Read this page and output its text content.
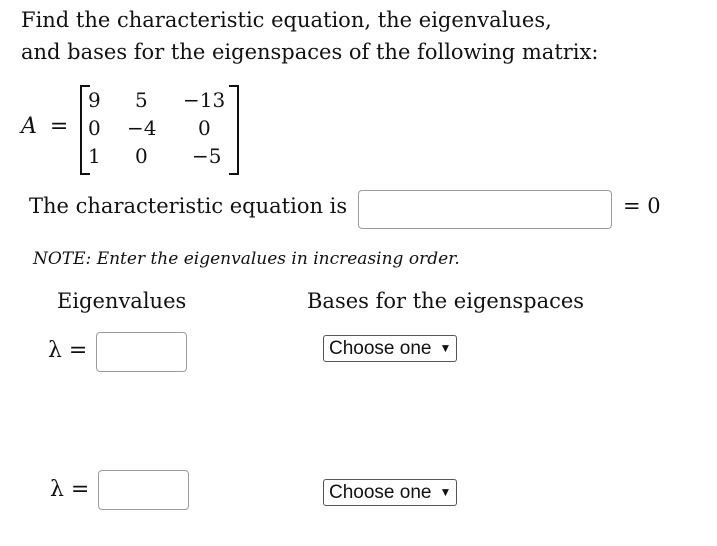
Find the characteristic equation, the eigenvalues,
and bases for the eigenspaces of the following matrix:
A =
9 5 −13
0 −4 0
1 0 −5
The characteristic equation is	= 0
NOTE: Enter the eigenvalues in increasing order.
Eigenvalues	Bases for the eigenspaces
λ =	Choose one ▼
λ =	Choose one ▼
